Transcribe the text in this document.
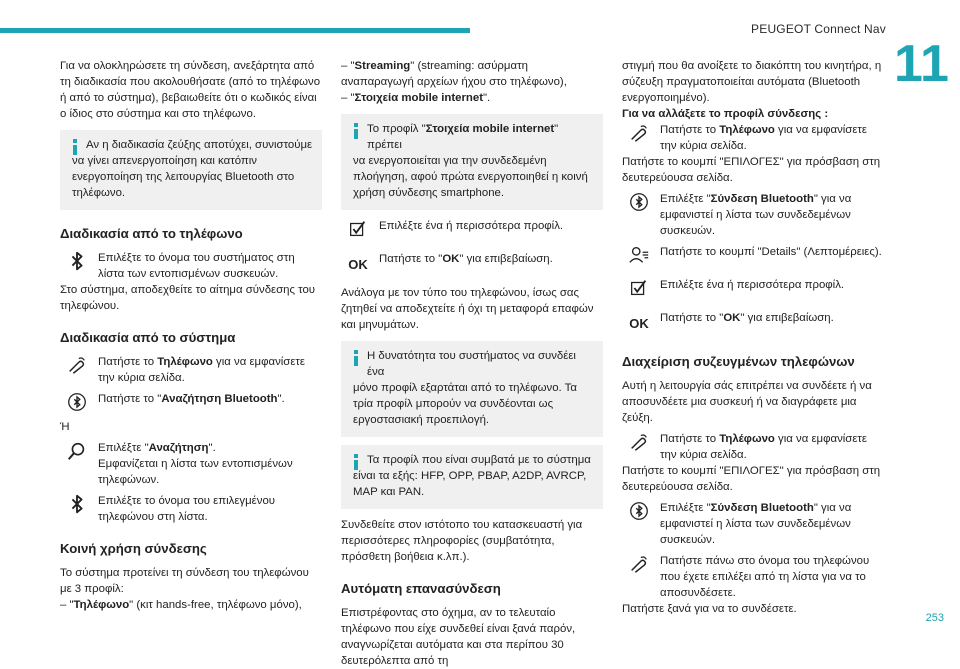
PEUGEOT Connect Nav
11
253

Για να ολοκληρώσετε τη σύνδεση, ανεξάρτητα από τη διαδικασία που ακολουθήσατε (από το τηλέφωνο ή από το σύστημα), βεβαιωθείτε ότι ο κωδικός είναι ο ίδιος στο σύστημα και στο τηλέφωνο.

Αν η διαδικασία ζεύξης αποτύχει, συνιστούμε

να γίνει απενεργοποίηση και κατόπιν ενεργοποίηση της λειτουργίας Bluetooth στο τηλέφωνο.

Διαδικασία από το τηλέφωνο

Επιλέξτε το όνομα του συστήματος στη λίστα των εντοπισμένων συσκευών.

Στο σύστημα, αποδεχθείτε το αίτημα σύνδεσης του τηλεφώνου.

Διαδικασία από το σύστημα

Πατήστε το Τηλέφωνο για να εμφανίσετε την κύρια σελίδα.

Πατήστε το "Αναζήτηση Bluetooth".

Ή

Επιλέξτε "Αναζήτηση".

Εμφανίζεται η λίστα των εντοπισμένων τηλεφώνων.

Επιλέξτε το όνομα του επιλεγμένου τηλεφώνου στη λίστα.

Κοινή χρήση σύνδεσης

Το σύστημα προτείνει τη σύνδεση του τηλεφώνου με 3 προφίλ:

– "Τηλέφωνο" (κιτ hands-free, τηλέφωνο μόνο),

– "Streaming" (streaming: ασύρματη αναπαραγωγή αρχείων ήχου στο τηλέφωνο),

– "Στοιχεία mobile internet".

Το προφίλ "Στοιχεία mobile internet" πρέπει

να ενεργοποιείται για την συνδεδεμένη πλοήγηση, αφού πρώτα ενεργοποιηθεί η κοινή χρήση σύνδεσης smartphone.

Επιλέξτε ένα ή περισσότερα προφίλ.

OK Πατήστε το "OK" για επιβεβαίωση.

Ανάλογα με τον τύπο του τηλεφώνου, ίσως σας ζητηθεί να αποδεχτείτε ή όχι τη μεταφορά επαφών και μηνυμάτων.

Η δυνατότητα του συστήματος να συνδέει ένα

μόνο προφίλ εξαρτάται από το τηλέφωνο. Τα τρία προφίλ μπορούν να συνδέονται ως εργοστασιακή προεπιλογή.

Τα προφίλ που είναι συμβατά με το σύστημα

είναι τα εξής: HFP, OPP, PBAP, A2DP, AVRCP, MAP και PAN.

Συνδεθείτε στον ιστότοπο του κατασκευαστή για περισσότερες πληροφορίες (συμβατότητα, πρόσθετη βοήθεια κ.λπ.).

Αυτόματη επανασύνδεση

Επιστρέφοντας στο όχημα, αν το τελευταίο τηλέφωνο που είχε συνδεθεί είναι ξανά παρόν, αναγνωρίζεται αυτόματα και στα περίπου 30 δευτερόλεπτα από τη

στιγμή που θα ανοίξετε το διακόπτη του κινητήρα, η σύζευξη πραγματοποιείται αυτόματα (Bluetooth ενεργοποιημένο).

Για να αλλάξετε το προφίλ σύνδεσης :

Πατήστε το Τηλέφωνο για να εμφανίσετε την κύρια σελίδα.

Πατήστε το κουμπί "ΕΠΙΛΟΓΕΣ" για πρόσβαση στη δευτερεύουσα σελίδα.

Επιλέξτε "Σύνδεση Bluetooth" για να εμφανιστεί η λίστα των συνδεδεμένων συσκευών.

Πατήστε το κουμπί "Details" (Λεπτομέρειες).

Επιλέξτε ένα ή περισσότερα προφίλ.

OK Πατήστε το "OK" για επιβεβαίωση.

Διαχείριση συζευγμένων τηλεφώνων

Αυτή η λειτουργία σάς επιτρέπει να συνδέετε ή να αποσυνδέετε μια συσκευή ή να διαγράφετε μια ζεύξη.

Πατήστε το Τηλέφωνο για να εμφανίσετε την κύρια σελίδα.

Πατήστε το κουμπί "ΕΠΙΛΟΓΕΣ" για πρόσβαση στη δευτερεύουσα σελίδα.

Επιλέξτε "Σύνδεση Bluetooth" για να εμφανιστεί η λίστα των συνδεδεμένων συσκευών.

Πατήστε πάνω στο όνομα του τηλεφώνου που έχετε επιλέξει από τη λίστα για να το αποσυνδέσετε.

Πατήστε ξανά για να το συνδέσετε.
